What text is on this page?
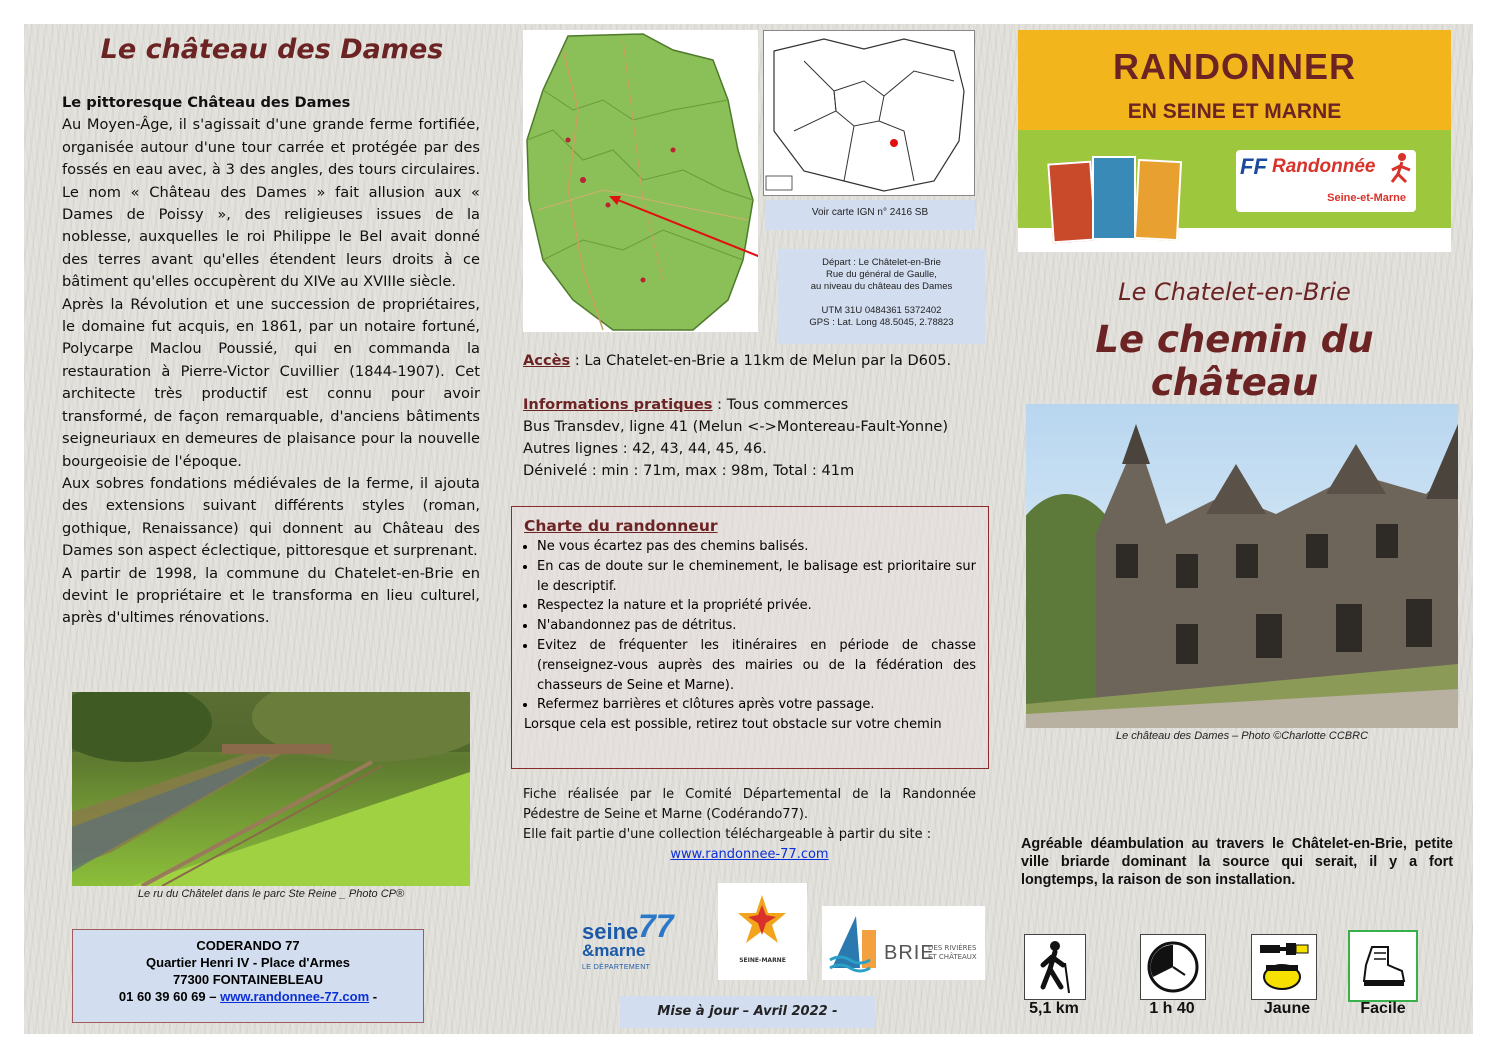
Le château des Dames

Le pittoresque Château des Dames

Au Moyen-Âge, il s'agissait d'une grande ferme fortifiée, organisée autour d'une tour carrée et protégée par des fossés en eau avec, à 3 des angles, des tours circulaires. Le nom « Château des Dames » fait allusion aux « Dames de Poissy », des religieuses issues de la noblesse, auxquelles le roi Philippe le Bel avait donné des terres avant qu'elles étendent leurs droits à ce bâtiment qu'elles occupèrent du XIVe au XVIIIe siècle.

Après la Révolution et une succession de propriétaires, le domaine fut acquis, en 1861, par un notaire fortuné, Polycarpe Maclou Poussié, qui en commanda la restauration à Pierre-Victor Cuvillier (1844-1907). Cet architecte très productif est connu pour avoir transformé, de façon remarquable, d'anciens bâtiments seigneuriaux en demeures de plaisance pour la nouvelle bourgeoisie de l'époque.

Aux sobres fondations médiévales de la ferme, il ajouta des extensions suivant différents styles (roman, gothique, Renaissance) qui donnent au Château des Dames son aspect éclectique, pittoresque et surprenant.

A partir de 1998, la commune du Chatelet-en-Brie en devint le propriétaire et le transforma en lieu culturel, après d'ultimes rénovations.

Le ru du Châtelet dans le parc Ste Reine _ Photo CP®
CODERANDO 77
Quartier Henri IV - Place d'Armes
77300 FONTAINEBLEAU
01 60 39 60 69 – www.randonnee-77.com -
Voir carte IGN n° 2416 SB
Départ : Le Châtelet-en-Brie
Rue du général de Gaulle,
au niveau du château des Dames
UTM 31U 0484361 5372402
GPS : Lat. Long 48.5045, 2.78823
Accès : La Chatelet-en-Brie a 11km de Melun par la D605.
Informations pratiques : Tous commerces
Bus Transdev, ligne 41 (Melun <->Montereau-Fault-Yonne)
Autres lignes : 42, 43, 44, 45, 46.
Dénivelé : min : 71m, max : 98m, Total : 41m
Charte du randonneur
• Ne vous écartez pas des chemins balisés.
• En cas de doute sur le cheminement, le balisage est prioritaire sur le descriptif.
• Respectez la nature et la propriété privée.
• N'abandonnez pas de détritus.
• Evitez de fréquenter les itinéraires en période de chasse (renseignez-vous auprès des mairies ou de la fédération des chasseurs de Seine et Marne).
• Refermez barrières et clôtures après votre passage.
Lorsque cela est possible, retirez tout obstacle sur votre chemin
Fiche réalisée par le Comité Départemental de la Randonnée Pédestre de Seine et Marne (Codérando77).
Elle fait partie d'une collection téléchargeable à partir du site :
www.randonnee-77.com
seine
&marne
LE DÉPARTEMENT
77
SEINE-MARNE	BRIE
DES RIVIÈRES
ET CHÂTEAUX
Mise à jour – Avril 2022 -
RANDONNER
EN SEINE ET MARNE
FF Randonnée
Seine-et-Marne
Le Chatelet-en-Brie
Le chemin du château
Le château des Dames – Photo ©Charlotte CCBRC
Agréable déambulation au travers le Châtelet-en-Brie, petite ville briarde dominant la source qui serait, il y a fort longtemps, la raison de son installation.
5,1 km	1 h 40	Jaune	Facile
